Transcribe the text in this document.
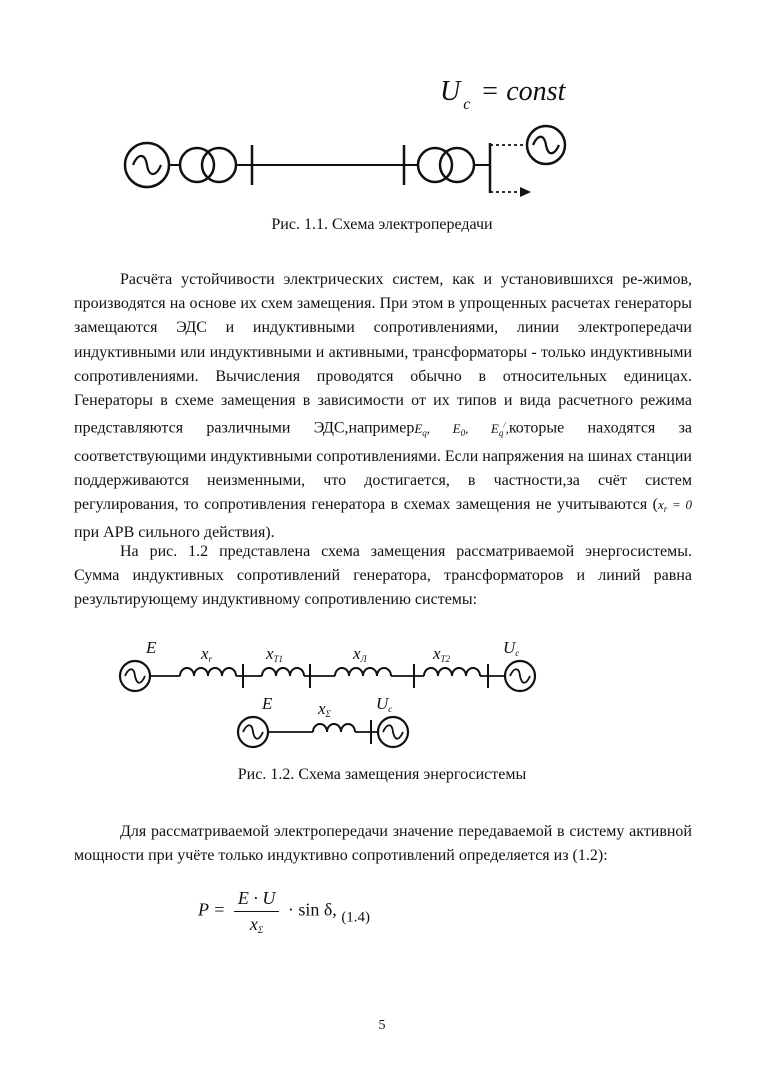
U $_c$ = const
Рис. 1.1. Схема электропередачи

Расчёта устойчивости электрических систем, как и установившихся ре-жимов, производятся на основе их схем замещения. При этом в упрощенных расчетах генераторы замещаются ЭДС и индуктивными сопротивлениями, линии электропередачи индуктивными или индуктивными и активными, трансформаторы - только индуктивными сопротивлениями. Вычисления проводятся обычно в относительных единицах. Генераторы в схеме замещения в зависимости от их типов и вида расчетного режима представляются различными ЭДС,напримерE$_q$, $E_0$, $E_q^/,которые$ находятся за соответствующими индуктивными сопротивлениями. Если напряжения на шинах станции поддерживаются неизменными, что достигается, в частности,за счёт систем регулирования, то сопротивления генератора в схемах замещения не учитываются ($x_r = 0$ при АРВ сильного действия).

На рис. 1.2 представлена схема замещения рассматриваемой энергосистемы. Сумма индуктивных сопротивлений генератора, трансформаторов и линий равна результирующему индуктивному сопротивлению системы:

E	$x_r$	$x_{T1}$	$x_Л$	$x_{T2}$
$U_c$
E	$x_\Sigma$
$U_c$
Рис. 1.2. Схема замещения энергосистемы

Для рассматриваемой электропередачи значение передаваемой в систему активной мощности при учёте только индуктивно сопротивлений определяется из (1.2):

$P = \frac{E \cdot U}{x_\Sigma} \cdot \sin \delta$, $_{(1.4)}$
5
